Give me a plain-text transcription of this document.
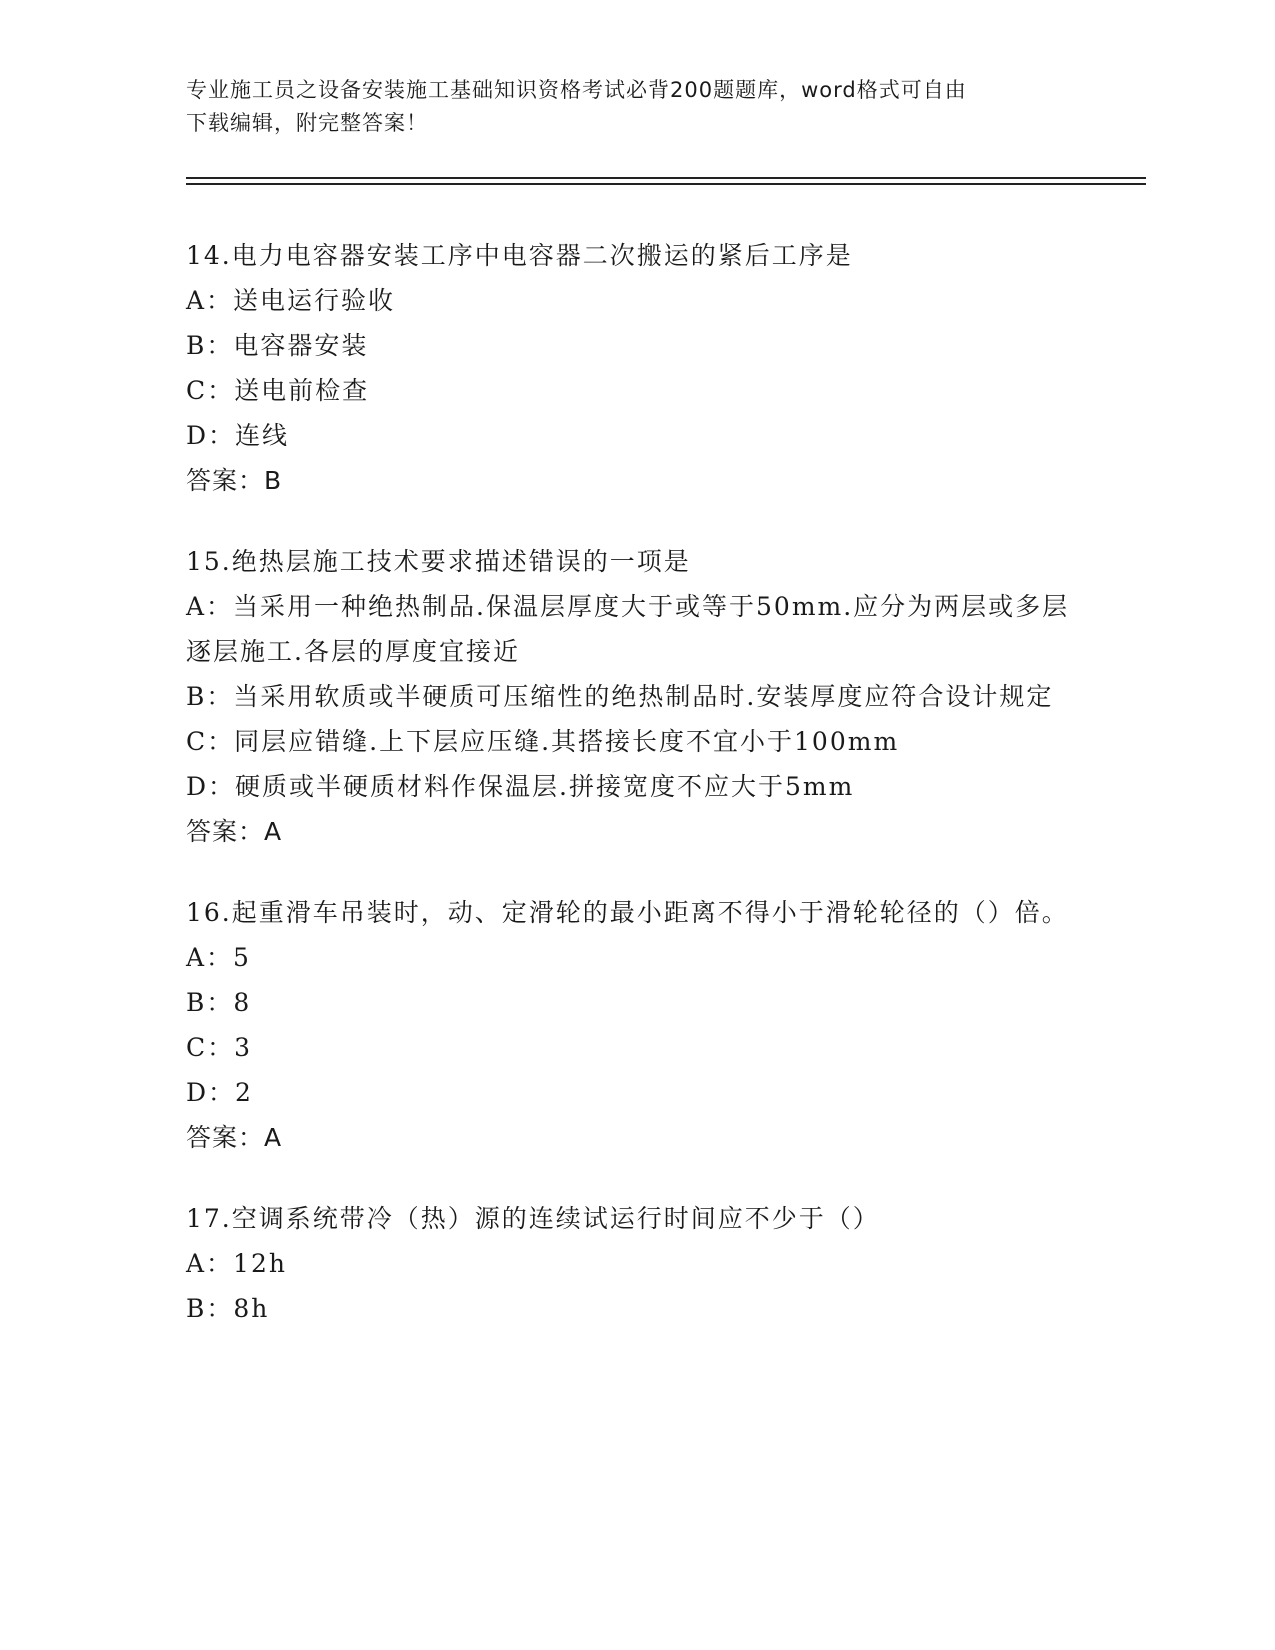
专业施工员之设备安装施工基础知识资格考试必背200题题库，word格式可自由
下载编辑，附完整答案！
14.电力电容器安装工序中电容器二次搬运的紧后工序是
A：送电运行验收
B：电容器安装
C：送电前检查
D：连线
答案：B
15.绝热层施工技术要求描述错误的一项是
A：当采用一种绝热制品.保温层厚度大于或等于50mm.应分为两层或多层逐层施工.各层的厚度宜接近
B：当采用软质或半硬质可压缩性的绝热制品时.安装厚度应符合设计规定
C：同层应错缝.上下层应压缝.其搭接长度不宜小于100mm
D：硬质或半硬质材料作保温层.拼接宽度不应大于5mm
答案：A
16.起重滑车吊装时，动、定滑轮的最小距离不得小于滑轮轮径的（）倍。
A：5
B：8
C：3
D：2
答案：A
17.空调系统带冷（热）源的连续试运行时间应不少于（）
A：12h
B：8h
